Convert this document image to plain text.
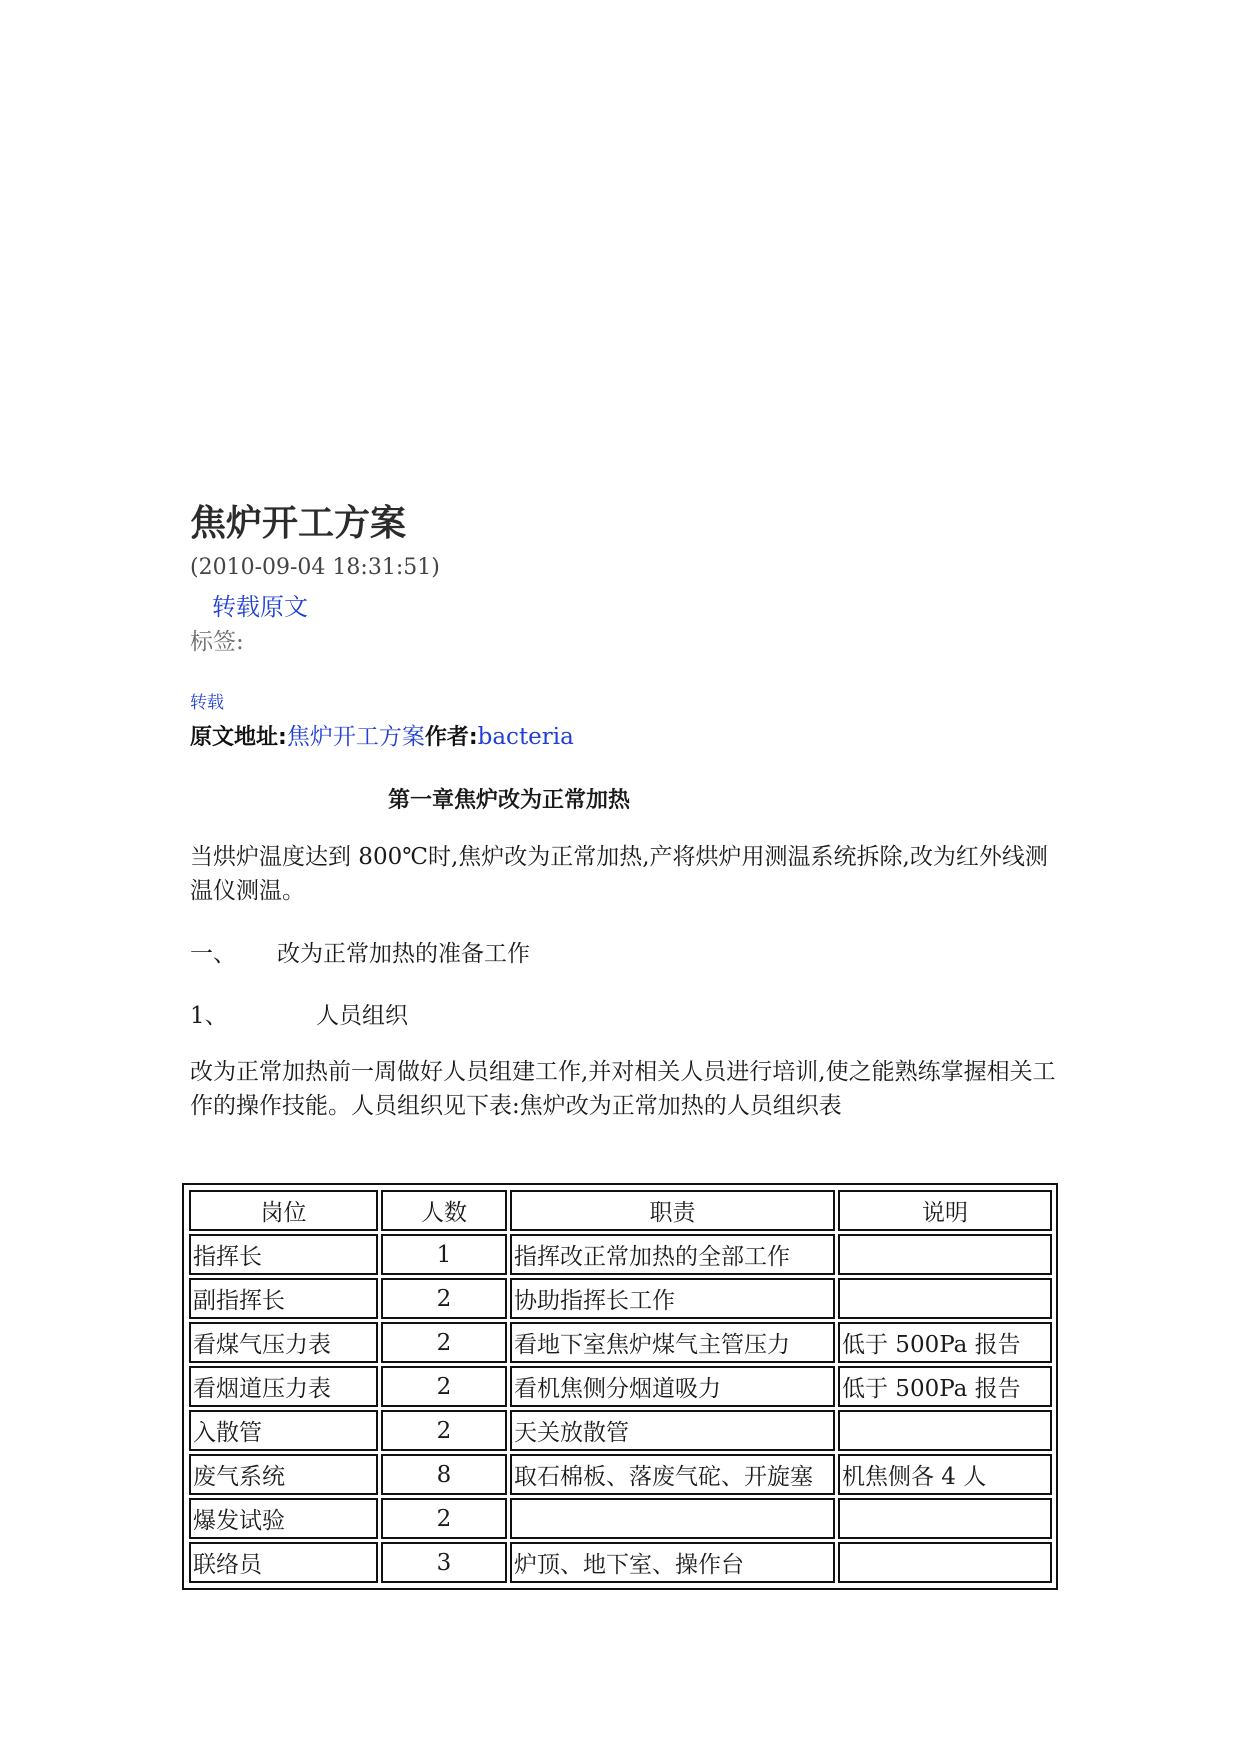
焦炉开工方案
(2010-09-04 18:31:51)
转载原文
标签:
转载
原文地址:焦炉开工方案作者:bacteria
第一章焦炉改为正常加热
当烘炉温度达到 800℃时,焦炉改为正常加热,产将烘炉用测温系统拆除,改为红外线测温仪测温。
一、 改为正常加热的准备工作
1、	人员组织
改为正常加热前一周做好人员组建工作,并对相关人员进行培训,使之能熟练掌握相关工作的操作技能。人员组织见下表:焦炉改为正常加热的人员组织表
岗位	人数	职责	说明
指挥长	1	指挥改正常加热的全部工作	
副指挥长	2	协助指挥长工作	
看煤气压力表	2	看地下室焦炉煤气主管压力	低于 500Pa 报告
看烟道压力表	2	看机焦侧分烟道吸力	低于 500Pa 报告
入散管	2	天关放散管	
废气系统	8	取石棉板、落废气砣、开旋塞	机焦侧各 4 人
爆发试验	2		
联络员	3	炉顶、地下室、操作台	
